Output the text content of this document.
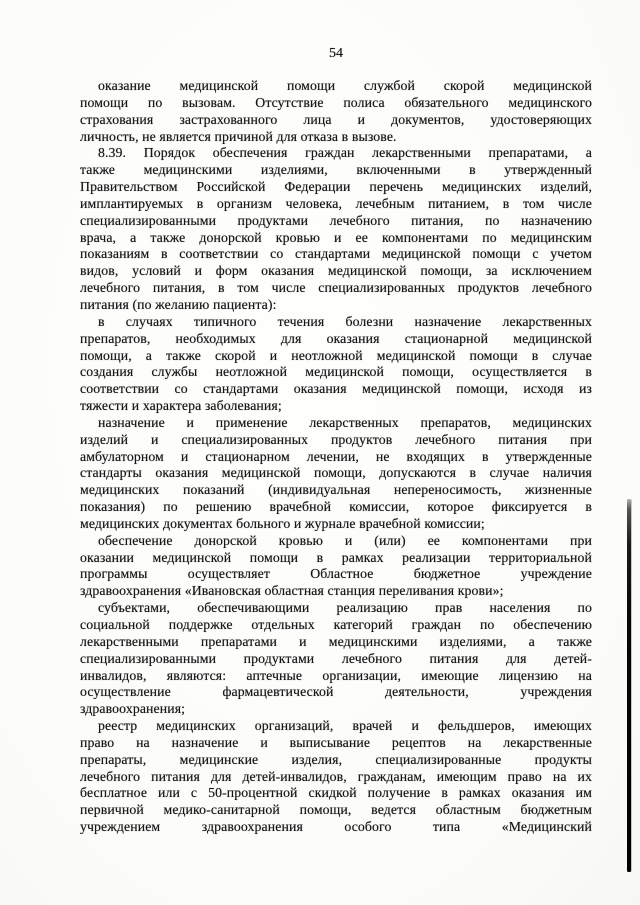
54
оказание медицинской помощи службой скорой медицинской
помощи по вызовам. Отсутствие полиса обязательного медицинского
страхования застрахованного лица и документов, удостоверяющих
личность, не является причиной для отказа в вызове.
8.39. Порядок обеспечения граждан лекарственными препаратами, а
также медицинскими изделиями, включенными в утвержденный
Правительством Российской Федерации перечень медицинских изделий,
имплантируемых в организм человека, лечебным питанием, в том числе
специализированными продуктами лечебного питания, по назначению
врача, а также донорской кровью и ее компонентами по медицинским
показаниям в соответствии со стандартами медицинской помощи с учетом
видов, условий и форм оказания медицинской помощи, за исключением
лечебного питания, в том числе специализированных продуктов лечебного
питания (по желанию пациента):
в случаях типичного течения болезни назначение лекарственных
препаратов, необходимых для оказания стационарной медицинской
помощи, а также скорой и неотложной медицинской помощи в случае
создания службы неотложной медицинской помощи, осуществляется в
соответствии со стандартами оказания медицинской помощи, исходя из
тяжести и характера заболевания;
назначение и применение лекарственных препаратов, медицинских
изделий и специализированных продуктов лечебного питания при
амбулаторном и стационарном лечении, не входящих в утвержденные
стандарты оказания медицинской помощи, допускаются в случае наличия
медицинских показаний (индивидуальная непереносимость, жизненные
показания) по решению врачебной комиссии, которое фиксируется в
медицинских документах больного и журнале врачебной комиссии;
обеспечение донорской кровью и (или) ее компонентами при
оказании медицинской помощи в рамках реализации территориальной
программы осуществляет Областное бюджетное учреждение
здравоохранения «Ивановская областная станция переливания крови»;
субъектами, обеспечивающими реализацию прав населения по
социальной поддержке отдельных категорий граждан по обеспечению
лекарственными препаратами и медицинскими изделиями, а также
специализированными продуктами лечебного питания для детей-
инвалидов, являются: аптечные организации, имеющие лицензию на
осуществление фармацевтической деятельности, учреждения
здравоохранения;
реестр медицинских организаций, врачей и фельдшеров, имеющих
право на назначение и выписывание рецептов на лекарственные
препараты, медицинские изделия, специализированные продукты
лечебного питания для детей-инвалидов, гражданам, имеющим право на их
бесплатное или с 50-процентной скидкой получение в рамках оказания им
первичной медико-санитарной помощи, ведется областным бюджетным
учреждением здравоохранения особого типа «Медицинский
